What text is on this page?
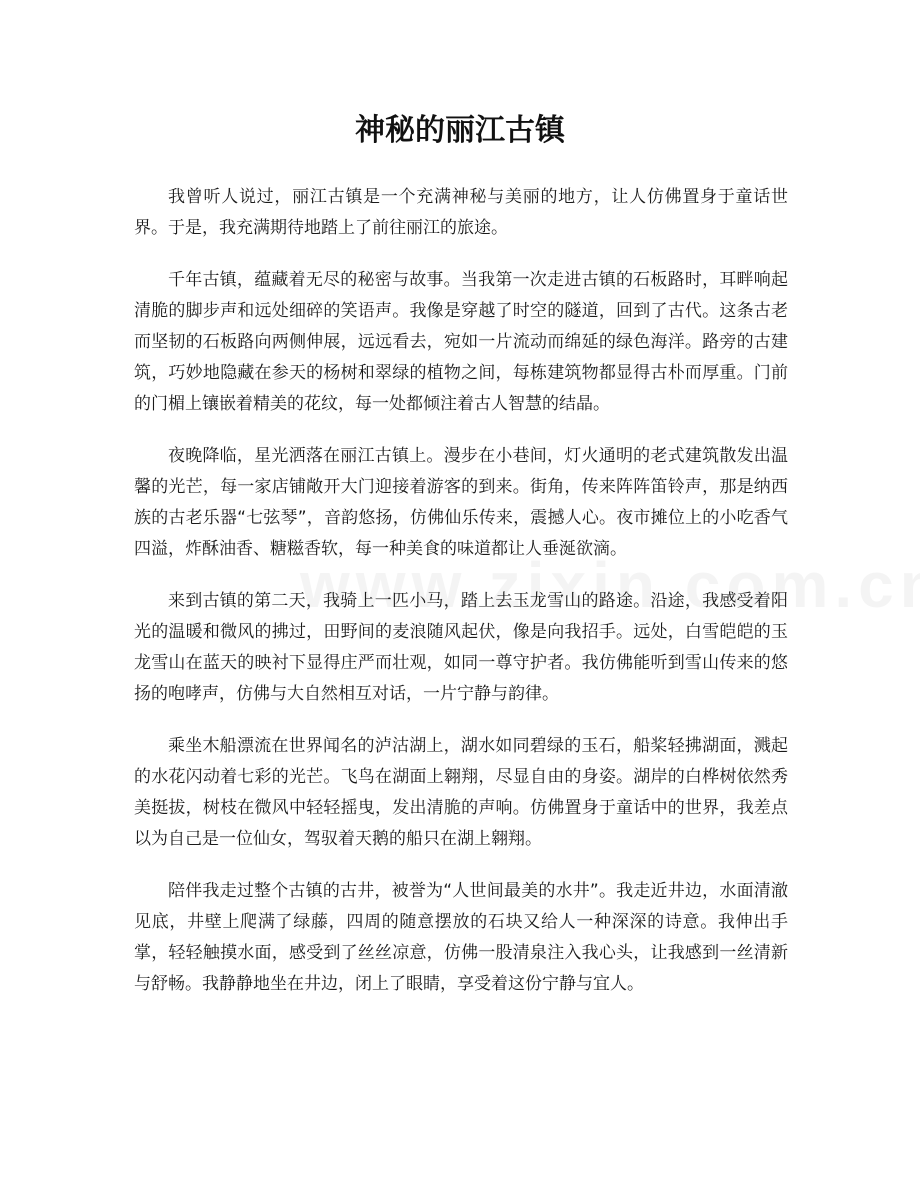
神秘的丽江古镇

我曾听人说过，丽江古镇是一个充满神秘与美丽的地方，让人仿佛置身于童话世界。于是，我充满期待地踏上了前往丽江的旅途。

千年古镇，蕴藏着无尽的秘密与故事。当我第一次走进古镇的石板路时，耳畔响起清脆的脚步声和远处细碎的笑语声。我像是穿越了时空的隧道，回到了古代。这条古老而坚韧的石板路向两侧伸展，远远看去，宛如一片流动而绵延的绿色海洋。路旁的古建筑，巧妙地隐藏在参天的杨树和翠绿的植物之间，每栋建筑物都显得古朴而厚重。门前的门楣上镶嵌着精美的花纹，每一处都倾注着古人智慧的结晶。

夜晚降临，星光洒落在丽江古镇上。漫步在小巷间，灯火通明的老式建筑散发出温馨的光芒，每一家店铺敞开大门迎接着游客的到来。街角，传来阵阵笛铃声，那是纳西族的古老乐器“七弦琴”，音韵悠扬，仿佛仙乐传来，震撼人心。夜市摊位上的小吃香气四溢，炸酥油香、糖糍香软，每一种美食的味道都让人垂涎欲滴。

来到古镇的第二天，我骑上一匹小马，踏上去玉龙雪山的路途。沿途，我感受着阳光的温暖和微风的拂过，田野间的麦浪随风起伏，像是向我招手。远处，白雪皑皑的玉龙雪山在蓝天的映衬下显得庄严而壮观，如同一尊守护者。我仿佛能听到雪山传来的悠扬的咆哮声，仿佛与大自然相互对话，一片宁静与韵律。

乘坐木船漂流在世界闻名的泸沽湖上，湖水如同碧绿的玉石，船桨轻拂湖面，溅起的水花闪动着七彩的光芒。飞鸟在湖面上翱翔，尽显自由的身姿。湖岸的白桦树依然秀美挺拔，树枝在微风中轻轻摇曳，发出清脆的声响。仿佛置身于童话中的世界，我差点以为自己是一位仙女，驾驭着天鹅的船只在湖上翱翔。

陪伴我走过整个古镇的古井，被誉为“人世间最美的水井”。我走近井边，水面清澈见底，井壁上爬满了绿藤，四周的随意摆放的石块又给人一种深深的诗意。我伸出手掌，轻轻触摸水面，感受到了丝丝凉意，仿佛一股清泉注入我心头，让我感到一丝清新与舒畅。我静静地坐在井边，闭上了眼睛，享受着这份宁静与宜人。
